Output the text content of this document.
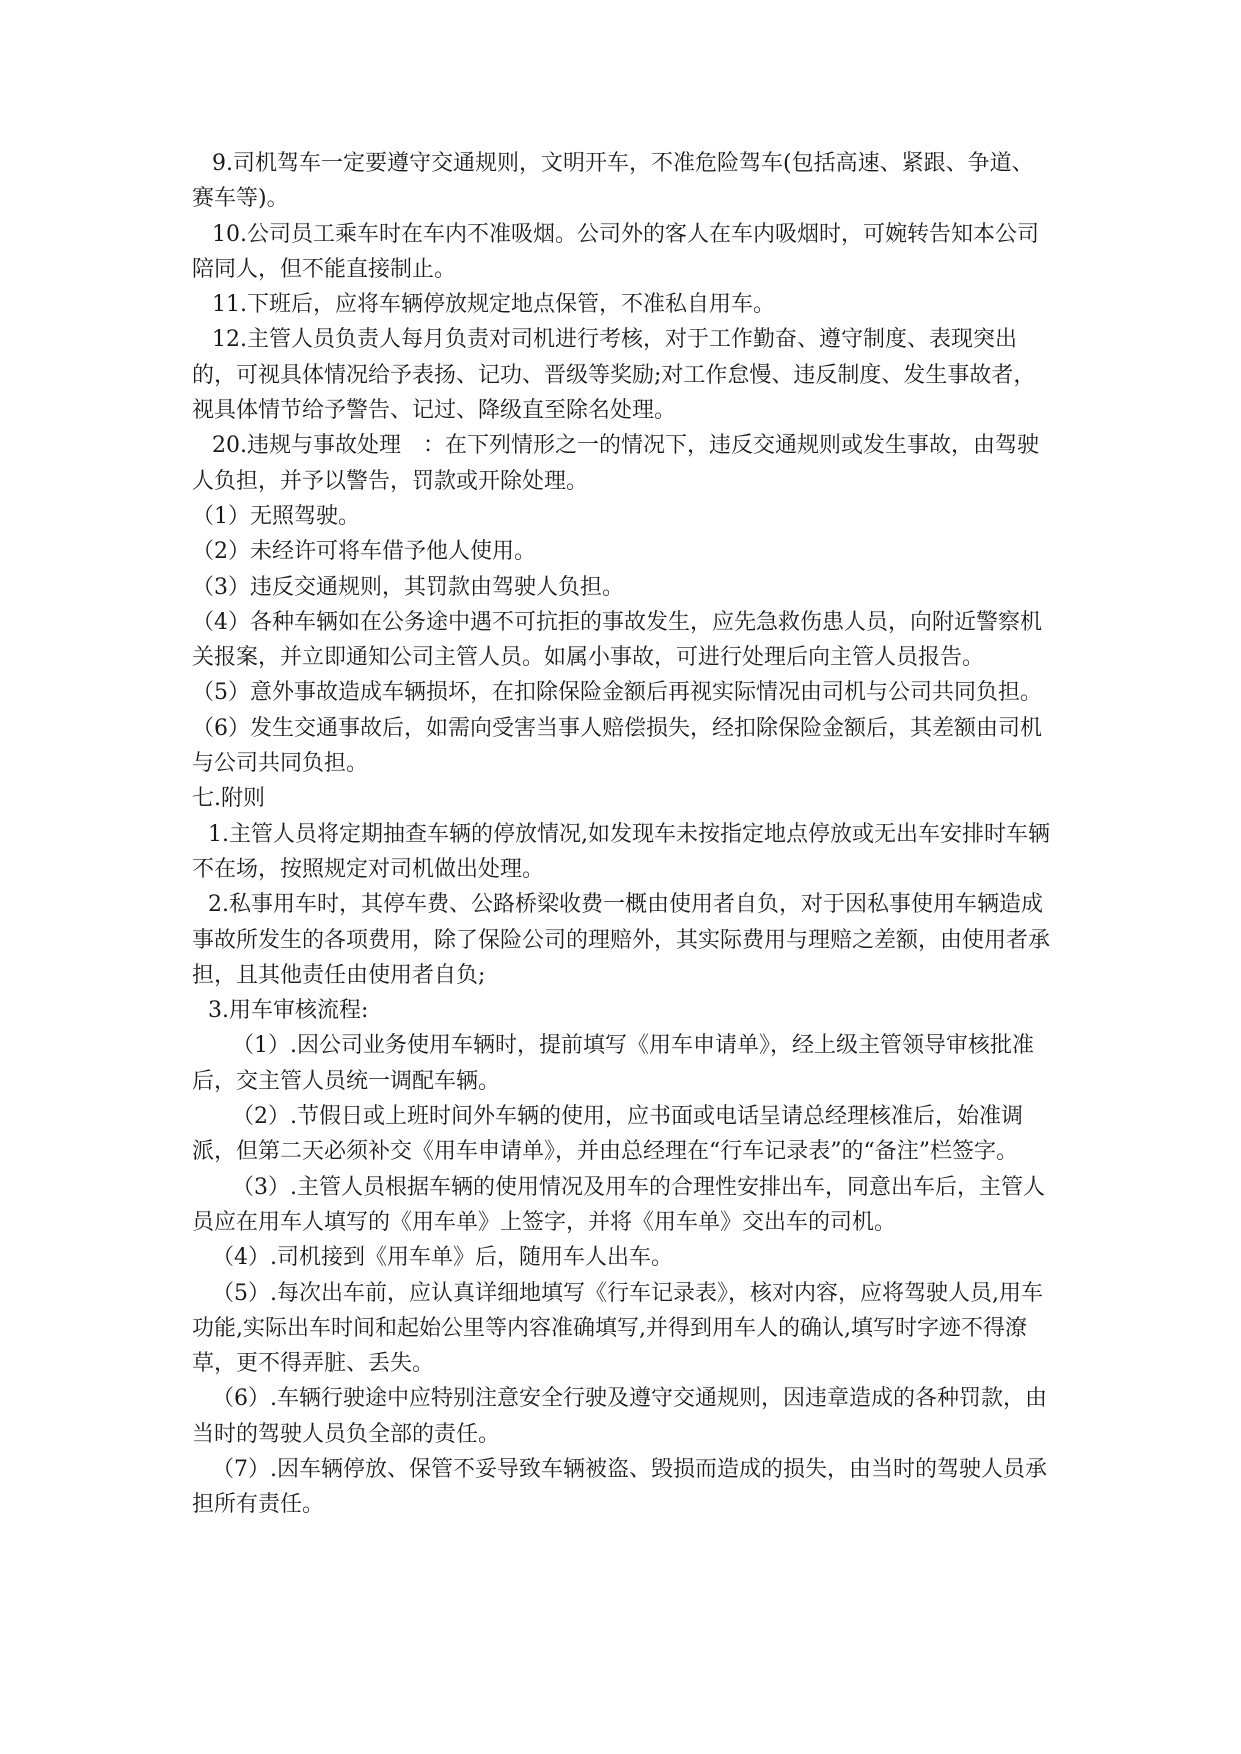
9.司机驾车一定要遵守交通规则，文明开车，不准危险驾车(包括高速、紧跟、争道、赛车等)。

10.公司员工乘车时在车内不准吸烟。公司外的客人在车内吸烟时，可婉转告知本公司陪同人，但不能直接制止。

11.下班后，应将车辆停放规定地点保管，不准私自用车。

12.主管人员负责人每月负责对司机进行考核，对于工作勤奋、遵守制度、表现突出的，可视具体情况给予表扬、记功、晋级等奖励;对工作怠慢、违反制度、发生事故者，视具体情节给予警告、记过、降级直至除名处理。

20.违规与事故处理　：在下列情形之一的情况下，违反交通规则或发生事故，由驾驶人负担，并予以警告，罚款或开除处理。

（1）无照驾驶。

（2）未经许可将车借予他人使用。

（3）违反交通规则，其罚款由驾驶人负担。

（4）各种车辆如在公务途中遇不可抗拒的事故发生，应先急救伤患人员，向附近警察机关报案，并立即通知公司主管人员。如属小事故，可进行处理后向主管人员报告。

（5）意外事故造成车辆损坏，在扣除保险金额后再视实际情况由司机与公司共同负担。

（6）发生交通事故后，如需向受害当事人赔偿损失，经扣除保险金额后，其差额由司机与公司共同负担。

七.附则

1.主管人员将定期抽查车辆的停放情况,如发现车未按指定地点停放或无出车安排时车辆不在场，按照规定对司机做出处理。

2.私事用车时，其停车费、公路桥梁收费一概由使用者自负，对于因私事使用车辆造成事故所发生的各项费用，除了保险公司的理赔外，其实际费用与理赔之差额，由使用者承担，且其他责任由使用者自负;

3.用车审核流程:

（1）.因公司业务使用车辆时，提前填写《用车申请单》，经上级主管领导审核批准后，交主管人员统一调配车辆。

（2）.节假日或上班时间外车辆的使用，应书面或电话呈请总经理核准后，始准调派，但第二天必须补交《用车申请单》，并由总经理在“行车记录表”的“备注”栏签字。

（3）.主管人员根据车辆的使用情况及用车的合理性安排出车，同意出车后，主管人员应在用车人填写的《用车单》上签字，并将《用车单》交出车的司机。

（4）.司机接到《用车单》后，随用车人出车。

（5）.每次出车前，应认真详细地填写《行车记录表》，核对内容，应将驾驶人员,用车功能,实际出车时间和起始公里等内容准确填写,并得到用车人的确认,填写时字迹不得潦草，更不得弄脏、丢失。

（6）.车辆行驶途中应特别注意安全行驶及遵守交通规则，因违章造成的各种罚款，由当时的驾驶人员负全部的责任。

（7）.因车辆停放、保管不妥导致车辆被盗、毁损而造成的损失，由当时的驾驶人员承担所有责任。
